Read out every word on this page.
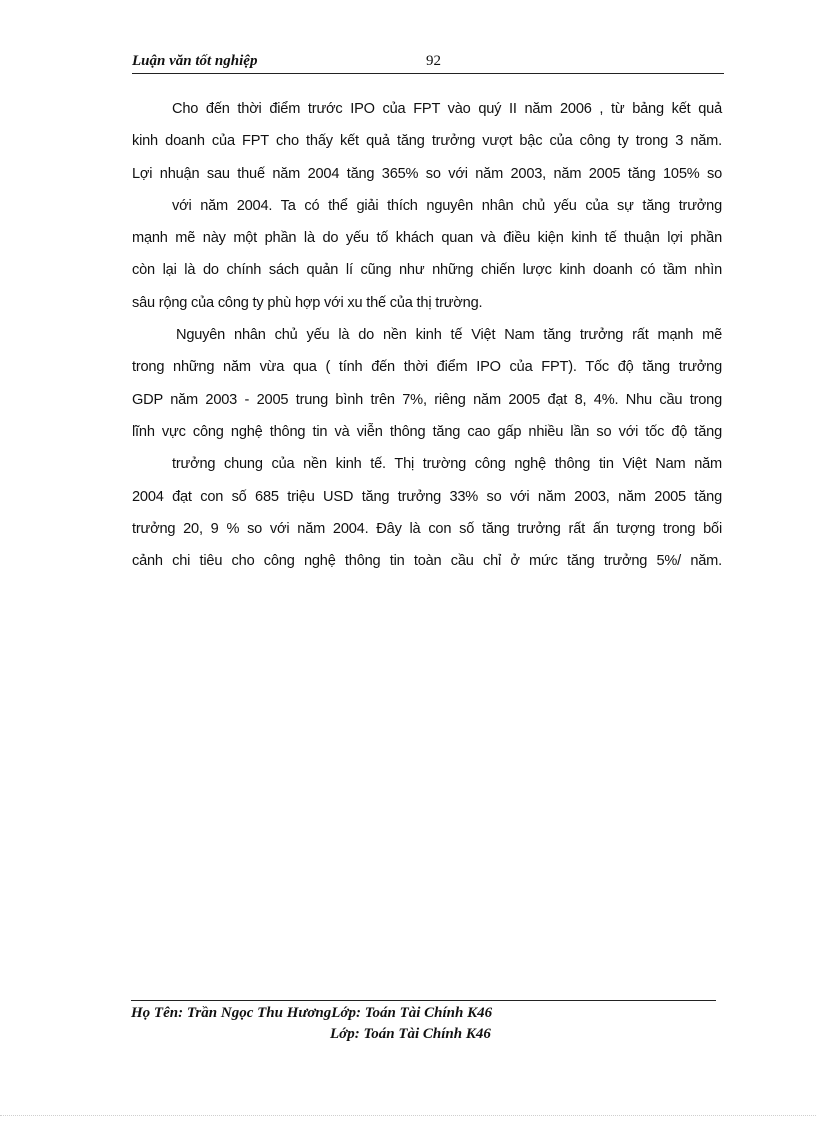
Luận văn tốt nghiệp	92
Cho đến thời điểm trước IPO của FPT vào quý II năm 2006 , từ bảng kết quả
kinh doanh của FPT cho thấy kết quả tăng trưởng vượt bậc của công ty trong 3 năm.
Lợi nhuận sau thuế năm 2004 tăng 365% so với năm 2003, năm 2005 tăng 105% so
với năm 2004. Ta có thể giải thích nguyên nhân chủ yếu của sự tăng trưởng
mạnh mẽ này một phần là do yếu tố khách quan và điều kiện kinh tế thuận lợi phần
còn lại là do chính sách quản lí cũng như những chiến lược kinh doanh có tầm nhìn
sâu rộng của công ty phù hợp với xu thế của thị trường.
Nguyên nhân chủ yếu là do nền kinh tế Việt Nam tăng trưởng rất mạnh mẽ
trong những năm vừa qua ( tính đến thời điểm IPO của FPT). Tốc độ tăng trưởng
GDP năm 2003 - 2005 trung bình trên 7%, riêng năm 2005 đạt 8, 4%. Nhu cầu trong
lĩnh vực công nghệ thông tin và viễn thông tăng cao gấp nhiều lần so với tốc độ tăng
trưởng chung của nền kinh tế. Thị trường công nghệ thông tin Việt Nam năm
2004 đạt con số 685 triệu USD tăng trưởng 33% so với năm 2003, năm 2005 tăng
trưởng 20, 9 % so với năm 2004. Đây là con số tăng trưởng rất ấn tượng trong bối
cảnh chi tiêu cho công nghệ thông tin toàn cầu chỉ ở mức tăng trưởng 5%/ năm.
Họ Tên: Trần Ngọc Thu HươngLớp: Toán Tài Chính K46
Lớp: Toán Tài Chính K46
